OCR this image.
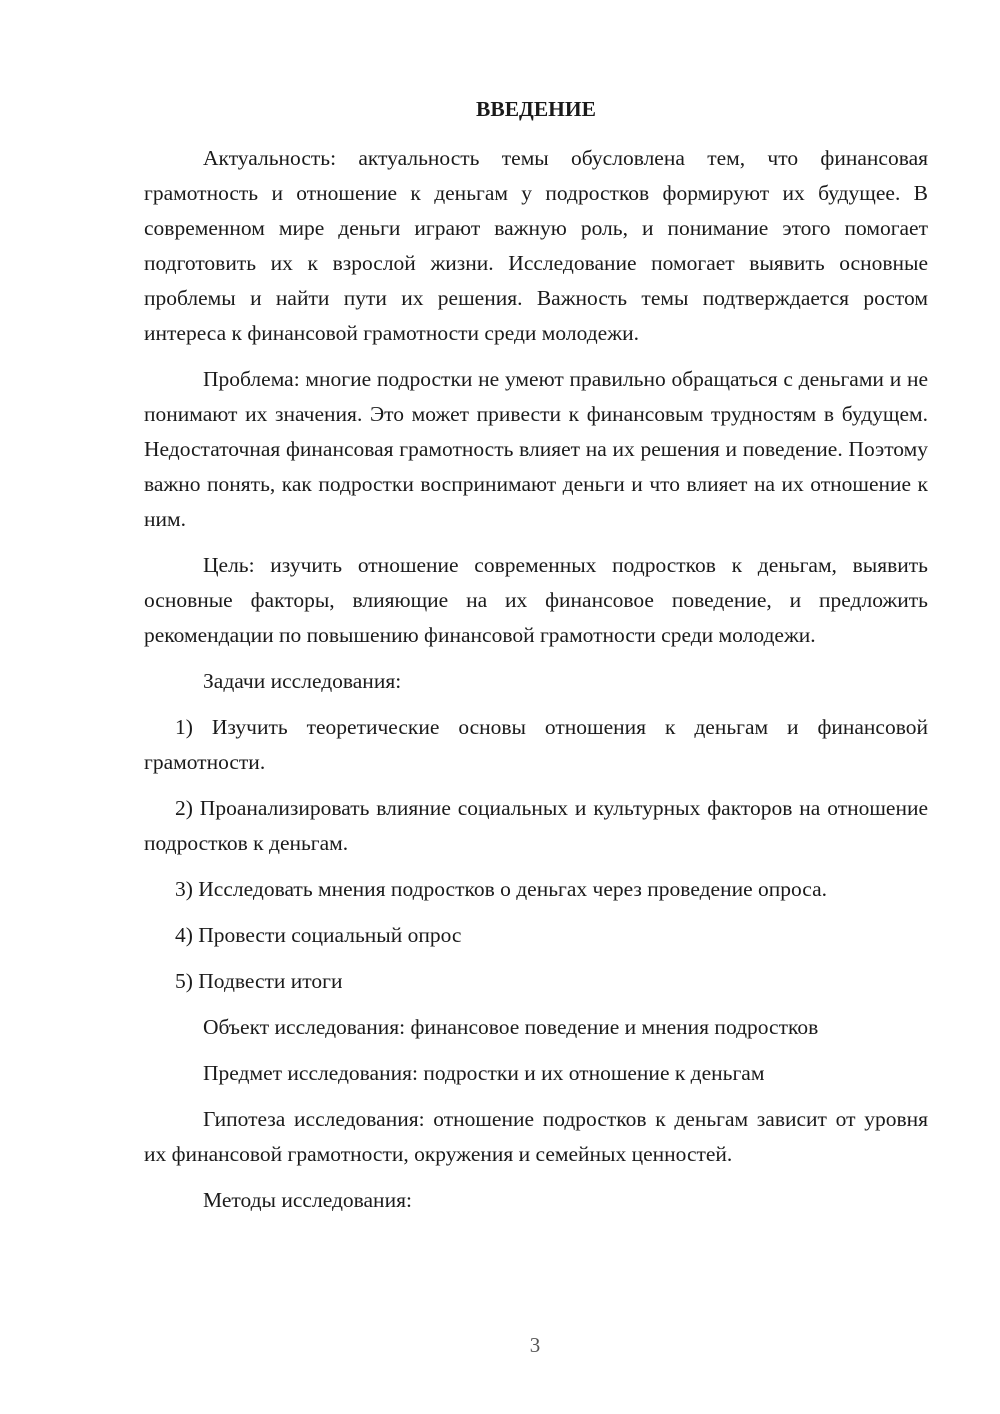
ВВЕДЕНИЕ

Актуальность: актуальность темы обусловлена тем, что финансовая грамотность и отношение к деньгам у подростков формируют их будущее. В современном мире деньги играют важную роль, и понимание этого помогает подготовить их к взрослой жизни. Исследование помогает выявить основные проблемы и найти пути их решения. Важность темы подтверждается ростом интереса к финансовой грамотности среди молодежи.

Проблема: многие подростки не умеют правильно обращаться с деньгами и не понимают их значения. Это может привести к финансовым трудностям в будущем. Недостаточная финансовая грамотность влияет на их решения и поведение. Поэтому важно понять, как подростки воспринимают деньги и что влияет на их отношение к ним.

Цель: изучить отношение современных подростков к деньгам, выявить основные факторы, влияющие на их финансовое поведение, и предложить рекомендации по повышению финансовой грамотности среди молодежи.

Задачи исследования:

1) Изучить теоретические основы отношения к деньгам и финансовой грамотности.

2) Проанализировать влияние социальных и культурных факторов на отношение подростков к деньгам.

3) Исследовать мнения подростков о деньгах через проведение опроса.

4) Провести социальный опрос

5) Подвести итоги

Объект исследования: финансовое поведение и мнения подростков

Предмет исследования: подростки и их отношение к деньгам

Гипотеза исследования: отношение подростков к деньгам зависит от уровня их финансовой грамотности, окружения и семейных ценностей.

Методы исследования:

3
